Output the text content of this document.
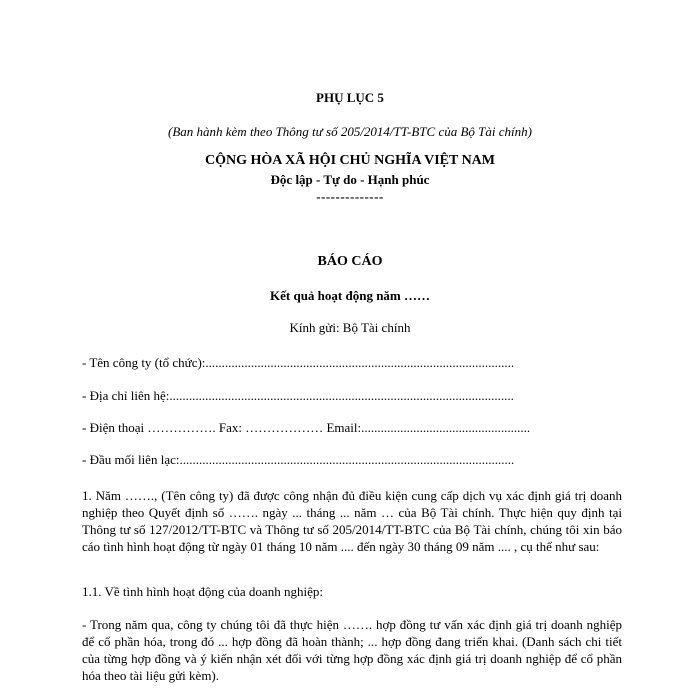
PHỤ LỤC 5
(Ban hành kèm theo Thông tư số 205/2014/TT-BTC của Bộ Tài chính)
CỘNG HÒA XÃ HỘI CHỦ NGHĨA VIỆT NAM
Độc lập - Tự do - Hạnh phúc
--------------
BÁO CÁO
Kết quả hoạt động năm ……
Kính gửi: Bộ Tài chính
- Tên công ty (tổ chức):...............................................................................................
- Địa chỉ liên hệ:..........................................................................................................
- Điện thoại ……………. Fax: ……………… Email:....................................................
- Đầu mối liên lạc:.......................................................................................................
1. Năm ……., (Tên công ty) đã được công nhận đủ điều kiện cung cấp dịch vụ xác định giá trị doanh nghiệp theo Quyết định số ……. ngày ... tháng ... năm … của Bộ Tài chính. Thực hiện quy định tại Thông tư số 127/2012/TT-BTC và Thông tư số 205/2014/TT-BTC của Bộ Tài chính, chúng tôi xin báo cáo tình hình hoạt động từ ngày 01 tháng 10 năm .... đến ngày 30 tháng 09 năm .... , cụ thể như sau:
1.1. Về tình hình hoạt động của doanh nghiệp:
- Trong năm qua, công ty chúng tôi đã thực hiện ……. hợp đồng tư vấn xác định giá trị doanh nghiệp để cổ phần hóa, trong đó ... hợp đồng đã hoàn thành; ... hợp đồng đang triển khai. (Danh sách chi tiết của từng hợp đồng và ý kiến nhận xét đối với từng hợp đồng xác định giá trị doanh nghiệp để cổ phần hóa theo tài liệu gửi kèm).
